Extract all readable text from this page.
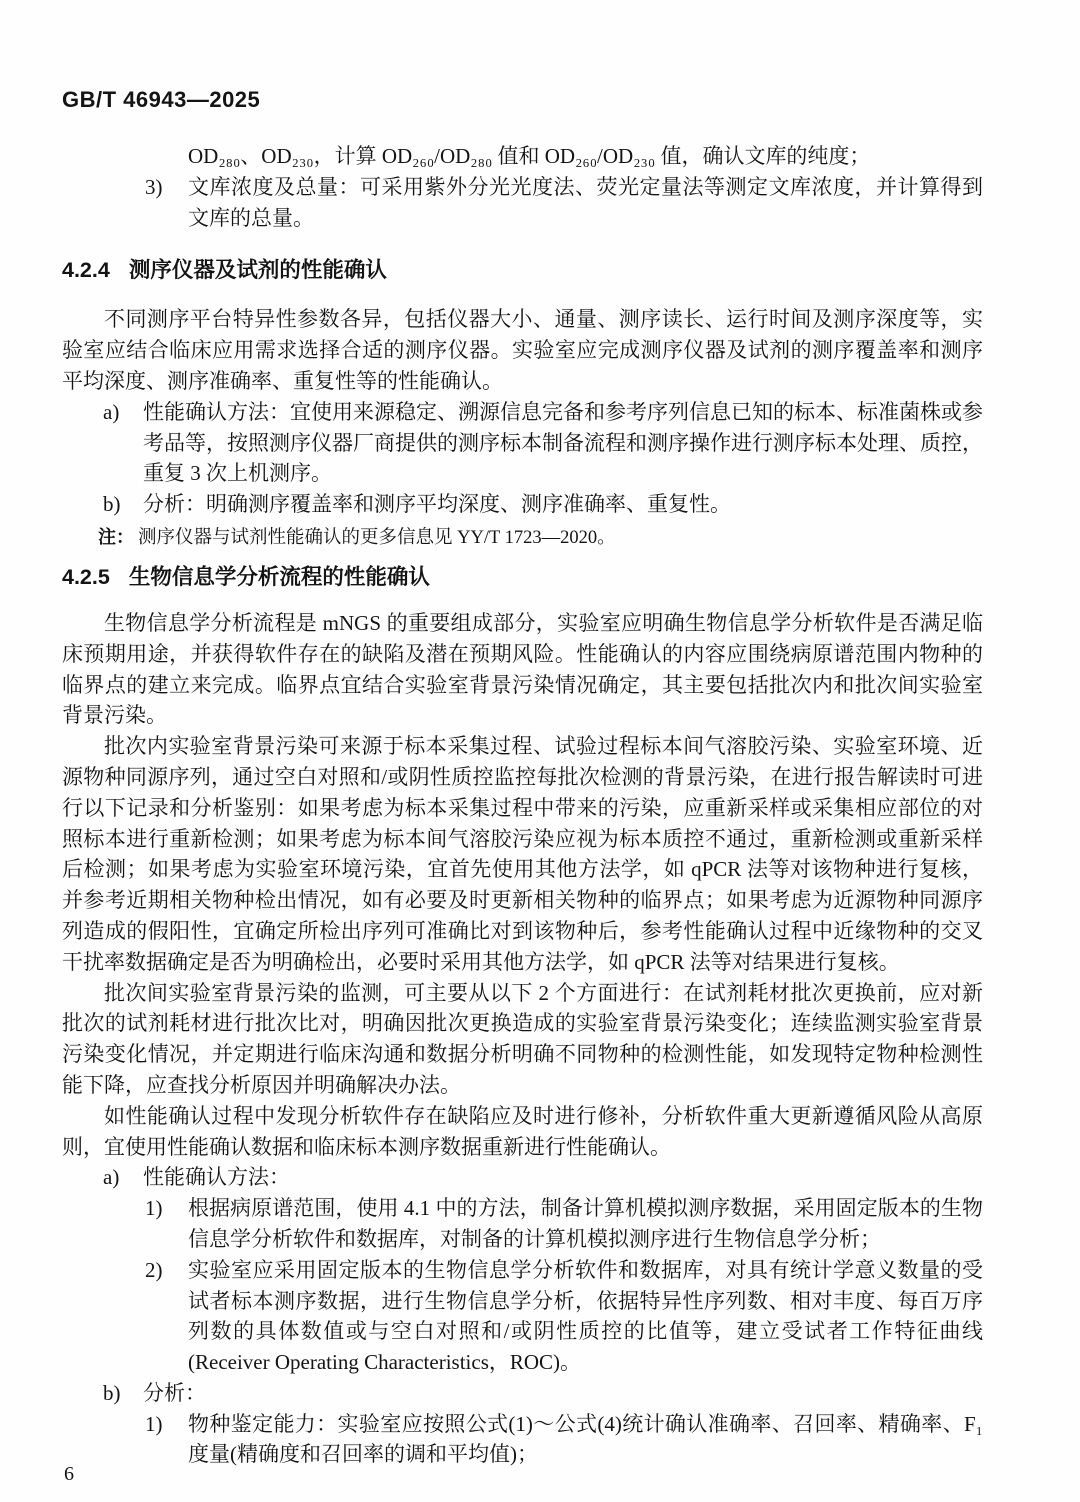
GB/T 46943—2025
OD₂₈₀、OD₂₃₀，计算 OD₂₆₀/OD₂₈₀ 值和 OD₂₆₀/OD₂₃₀ 值，确认文库的纯度；
3) 文库浓度及总量：可采用紫外分光光度法、荧光定量法等测定文库浓度，并计算得到文库的总量。
4.2.4 测序仪器及试剂的性能确认
不同测序平台特异性参数各异，包括仪器大小、通量、测序读长、运行时间及测序深度等，实验室应结合临床应用需求选择合适的测序仪器。实验室应完成测序仪器及试剂的测序覆盖率和测序平均深度、测序准确率、重复性等的性能确认。
a) 性能确认方法：宜使用来源稳定、溯源信息完备和参考序列信息已知的标本、标准菌株或参考品等，按照测序仪器厂商提供的测序标本制备流程和测序操作进行测序标本处理、质控，重复 3 次上机测序。
b) 分析：明确测序覆盖率和测序平均深度、测序准确率、重复性。
注： 测序仪器与试剂性能确认的更多信息见 YY/T 1723—2020。
4.2.5 生物信息学分析流程的性能确认
生物信息学分析流程是 mNGS 的重要组成部分，实验室应明确生物信息学分析软件是否满足临床预期用途，并获得软件存在的缺陷及潜在预期风险。性能确认的内容应围绕病原谱范围内物种的临界点的建立来完成。临界点宜结合实验室背景污染情况确定，其主要包括批次内和批次间实验室背景污染。
批次内实验室背景污染可来源于标本采集过程、试验过程标本间气溶胶污染、实验室环境、近源物种同源序列，通过空白对照和/或阴性质控监控每批次检测的背景污染，在进行报告解读时可进行以下记录和分析鉴别：如果考虑为标本采集过程中带来的污染，应重新采样或采集相应部位的对照标本进行重新检测；如果考虑为标本间气溶胶污染应视为标本质控不通过，重新检测或重新采样后检测；如果考虑为实验室环境污染，宜首先使用其他方法学，如 qPCR 法等对该物种进行复核，并参考近期相关物种检出情况，如有必要及时更新相关物种的临界点；如果考虑为近源物种同源序列造成的假阳性，宜确定所检出序列可准确比对到该物种后，参考性能确认过程中近缘物种的交叉干扰率数据确定是否为明确检出，必要时采用其他方法学，如 qPCR 法等对结果进行复核。
批次间实验室背景污染的监测，可主要从以下 2 个方面进行：在试剂耗材批次更换前，应对新批次的试剂耗材进行批次比对，明确因批次更换造成的实验室背景污染变化；连续监测实验室背景污染变化情况，并定期进行临床沟通和数据分析明确不同物种的检测性能，如发现特定物种检测性能下降，应查找分析原因并明确解决办法。
如性能确认过程中发现分析软件存在缺陷应及时进行修补，分析软件重大更新遵循风险从高原则，宜使用性能确认数据和临床标本测序数据重新进行性能确认。
a) 性能确认方法：
1) 根据病原谱范围，使用 4.1 中的方法，制备计算机模拟测序数据，采用固定版本的生物信息学分析软件和数据库，对制备的计算机模拟测序进行生物信息学分析；
2) 实验室应采用固定版本的生物信息学分析软件和数据库，对具有统计学意义数量的受试者标本测序数据，进行生物信息学分析，依据特异性序列数、相对丰度、每百万序列数的具体数值或与空白对照和/或阴性质控的比值等，建立受试者工作特征曲线(Receiver Operating Characteristics，ROC)。
b) 分析：
1) 物种鉴定能力：实验室应按照公式(1)～公式(4)统计确认准确率、召回率、精确率、F₁ 度量(精确度和召回率的调和平均值)；
6
